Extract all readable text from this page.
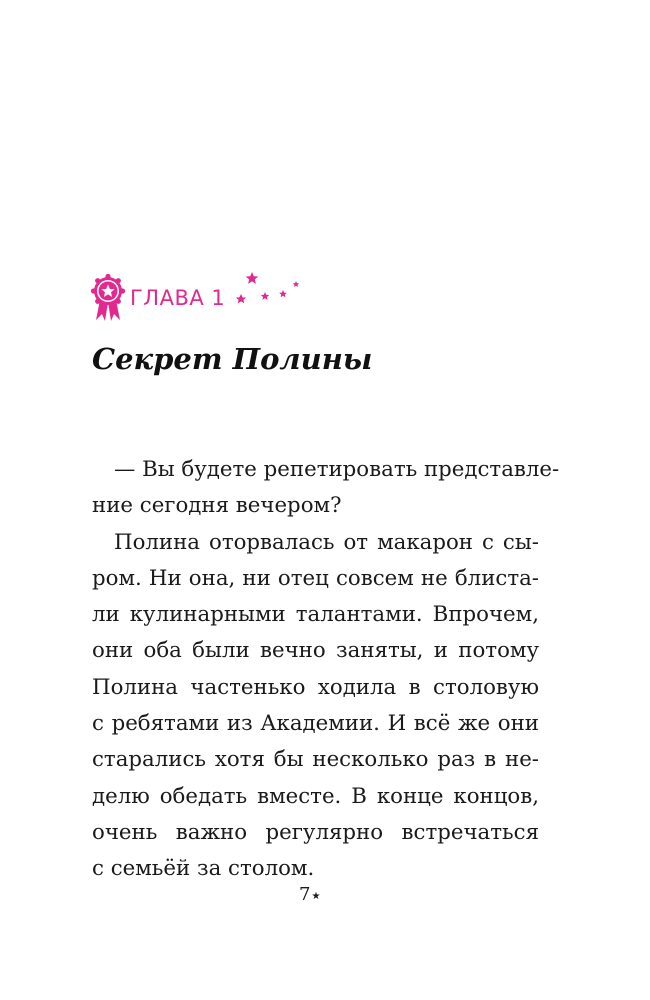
ГЛАВА 1
Секрет Полины
— Вы будете репетировать представле-
ние сегодня вечером?
Полина оторвалась от макарон с сы-
ром. Ни она, ни отец совсем не блиста-
ли кулинарными талантами. Впрочем,
они оба были вечно заняты, и потому
Полина частенько ходила в столовую
с ребятами из Академии. И всё же они
старались хотя бы несколько раз в не-
делю обедать вместе. В конце концов,
очень важно регулярно встречаться
с семьёй за столом.
7★
